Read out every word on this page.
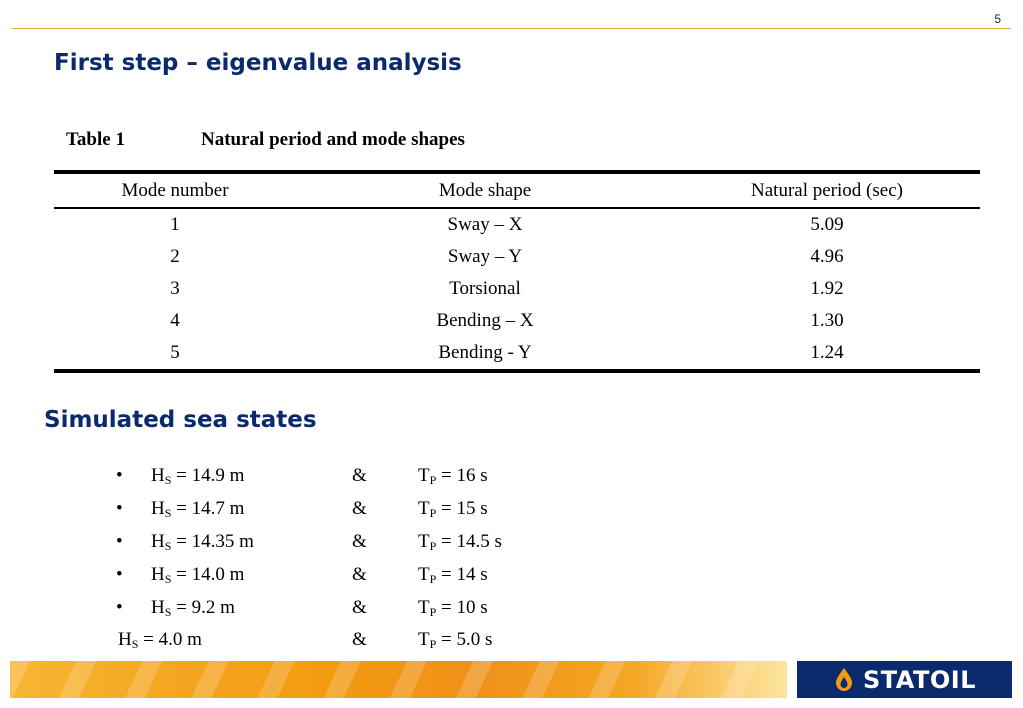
5
First step – eigenvalue analysis
Table 1	Natural period and mode shapes
Mode number	Mode shape	Natural period (sec)
1	Sway – X	5.09
2	Sway – Y	4.96
3	Torsional	1.92
4	Bending – X	1.30
5	Bending - Y	1.24
Simulated sea states
• $H_S = 14.9$ m	&	$T_P = 16$ s
• $H_S = 14.7$ m	&	$T_P = 15$ s
• $H_S = 14.35$ m	&	$T_P = 14.5$ s
• $H_S = 14.0$ m	&	$T_P = 14$ s
• $H_S = 9.2$ m	&	$T_P = 10$ s
$H_S = 4.0$ m	&	$T_P = 5.0$ s
STATOIL
